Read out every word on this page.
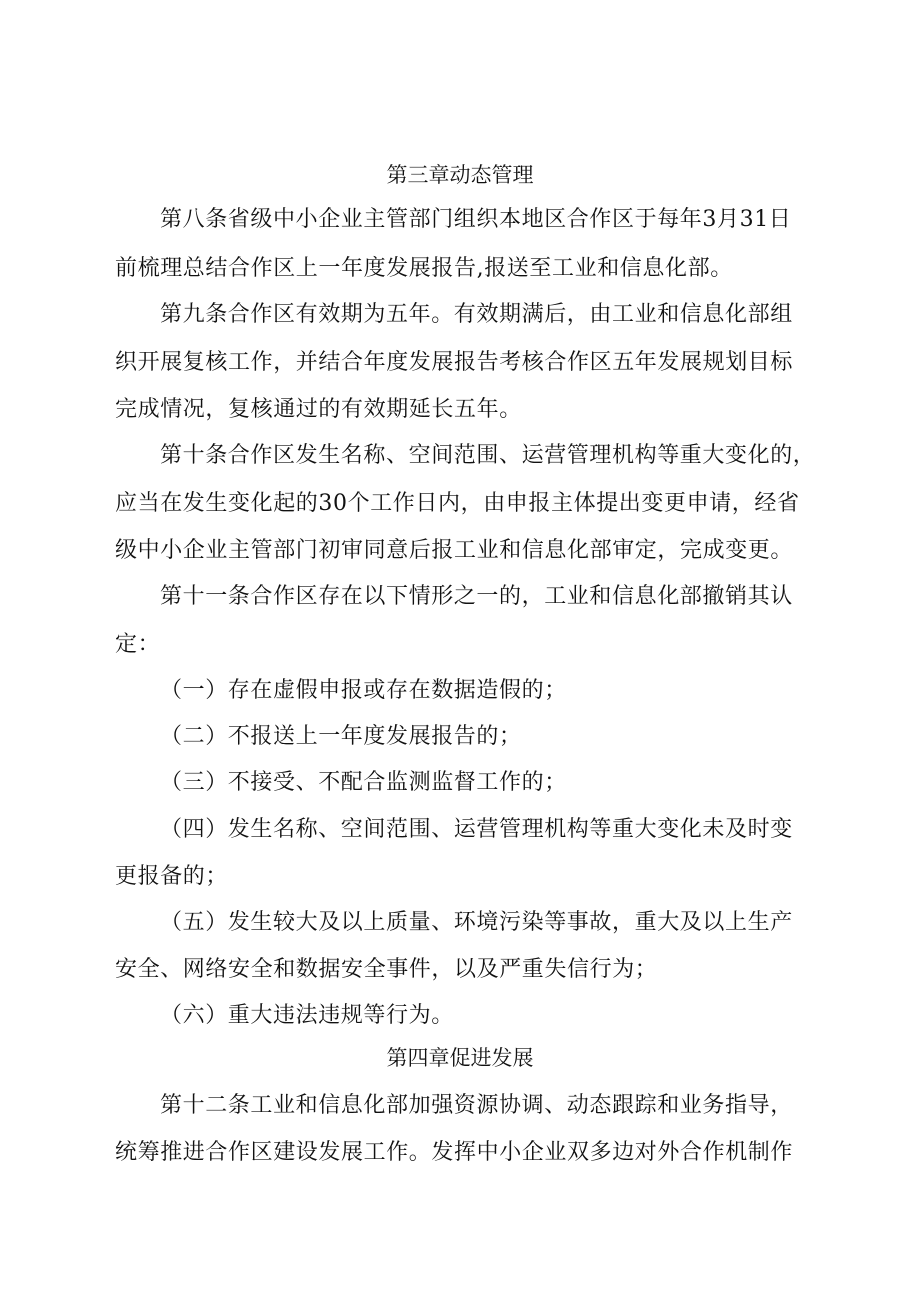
第三章动态管理
第八条省级中小企业主管部门组织本地区合作区于每年3月31日
前梳理总结合作区上一年度发展报告,报送至工业和信息化部。
第九条合作区有效期为五年。有效期满后，由工业和信息化部组
织开展复核工作，并结合年度发展报告考核合作区五年发展规划目标
完成情况，复核通过的有效期延长五年。
第十条合作区发生名称、空间范围、运营管理机构等重大变化的，
应当在发生变化起的30个工作日内，由申报主体提出变更申请，经省
级中小企业主管部门初审同意后报工业和信息化部审定，完成变更。
第十一条合作区存在以下情形之一的，工业和信息化部撤销其认
定：
（一）存在虚假申报或存在数据造假的；
（二）不报送上一年度发展报告的；
（三）不接受、不配合监测监督工作的；
（四）发生名称、空间范围、运营管理机构等重大变化未及时变
更报备的；
（五）发生较大及以上质量、环境污染等事故，重大及以上生产
安全、网络安全和数据安全事件，以及严重失信行为；
（六）重大违法违规等行为。
第四章促进发展
第十二条工业和信息化部加强资源协调、动态跟踪和业务指导，
统筹推进合作区建设发展工作。发挥中小企业双多边对外合作机制作
